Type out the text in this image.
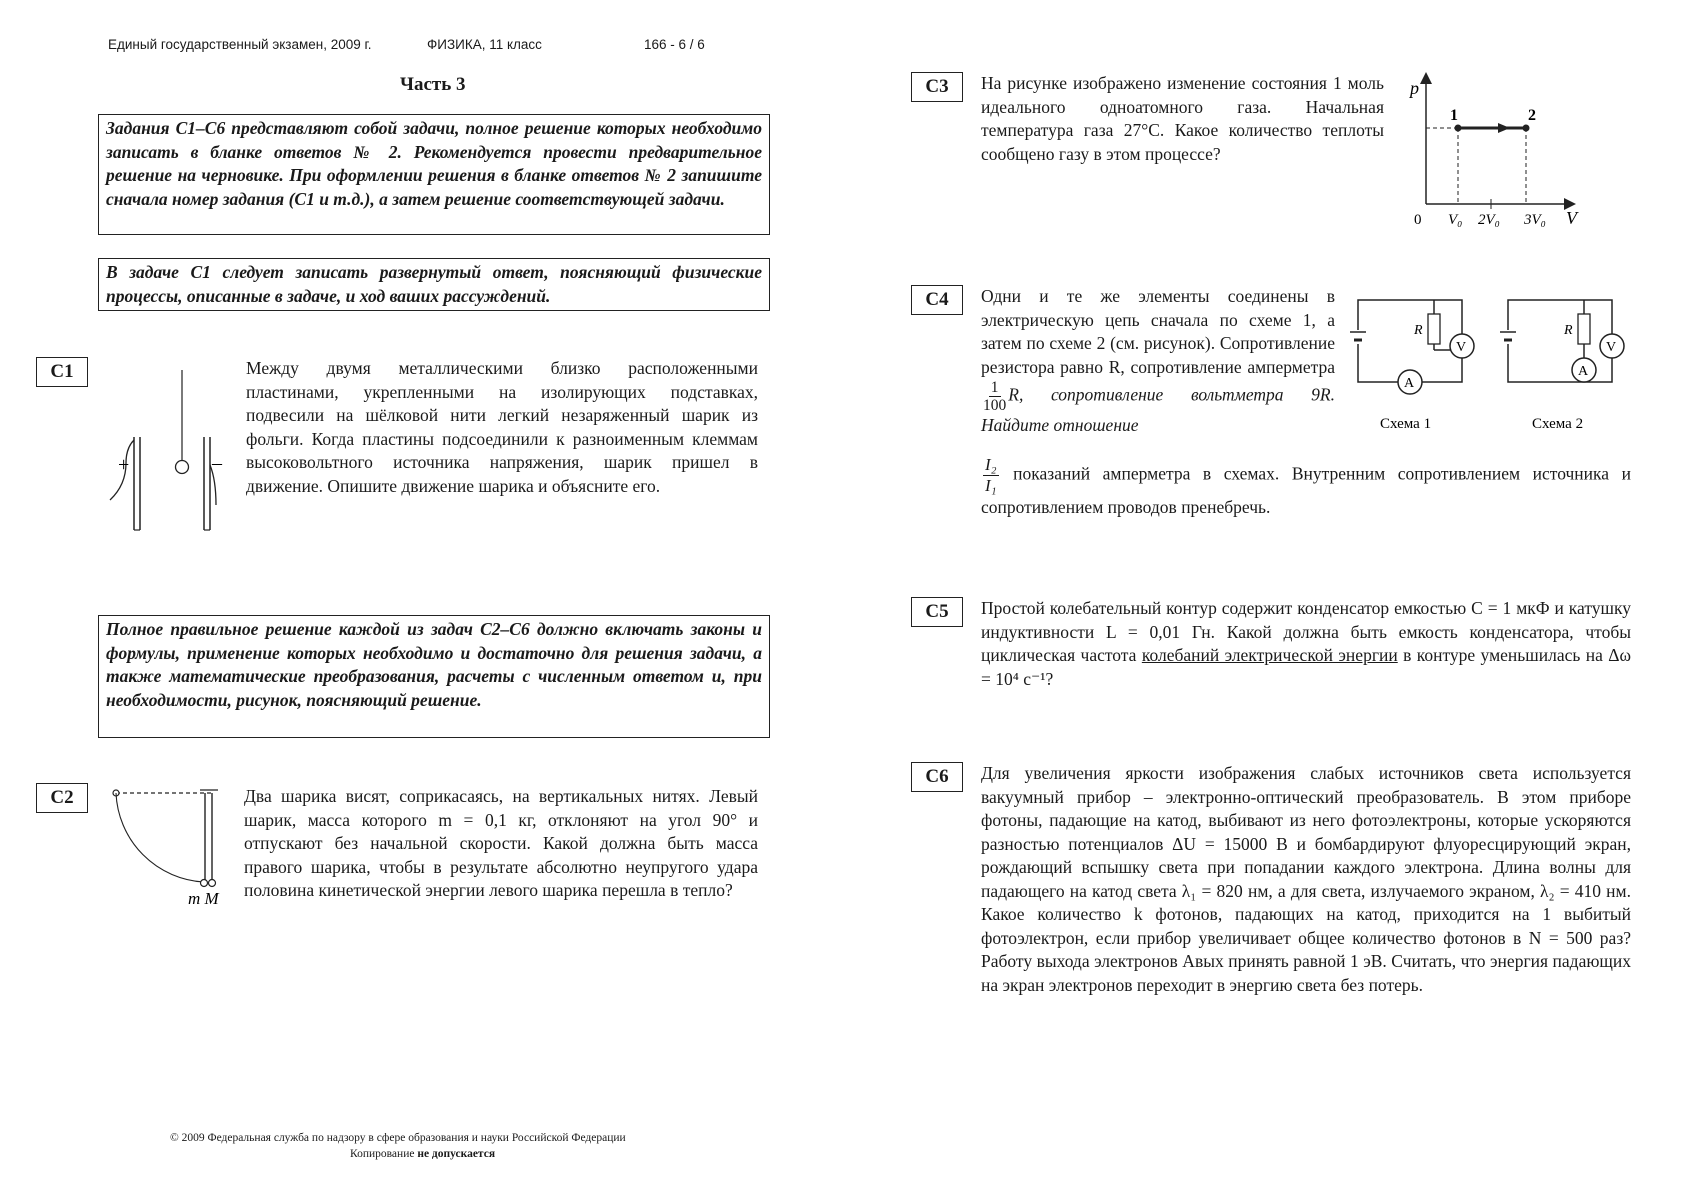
Единый государственный экзамен, 2009 г.	ФИЗИКА, 11 класс	166 - 6 / 6
Часть 3
Задания С1–С6 представляют собой задачи, полное решение которых необходимо записать в бланке ответов № 2. Рекомендуется провести предварительное решение на черновике. При оформлении решения в бланке ответов № 2 запишите сначала номер задания (С1 и т.д.), а затем решение соответствующей задачи.
В задаче С1 следует записать развернутый ответ, поясняющий физические процессы, описанные в задаче, и ход ваших рассуждений.
Полное правильное решение каждой из задач С2–С6 должно включать законы и формулы, применение которых необходимо и достаточно для решения задачи, а также математические преобразования, расчеты с численным ответом и, при необходимости, рисунок, поясняющий решение.
С1
+	–

Между двумя металлическими близко расположенными пластинами, укрепленными на изолирующих подставках, подвесили на шёлковой нити легкий незаряженный шарик из фольги. Когда пластины подсоединили к разноименным клеммам высоковольтного источника напряжения, шарик пришел в движение. Опишите движение шарика и объясните его.

С2
m M

Два шарика висят, соприкасаясь, на вертикальных нитях. Левый шарик, масса которого m = 0,1 кг, отклоняют на угол 90° и отпускают без начальной скорости. Какой должна быть масса правого шарика, чтобы в результате абсолютно неупругого удара половина кинетической энергии левого шарика перешла в тепло?

С3	На рисунке изображено изменение состояния 1 моль идеального одноатомного газа. Начальная температура газа 27°С. Какое количество теплоты сообщено газу в этом процессе?

1	2
p
V
0 V₀ 2V₀ 3V₀
С4	Одни и те же элементы соединены в электрическую цепь сначала по схеме 1, а затем по схеме 2 (см. рисунок). Сопротивление резистора равно R, сопротивление амперметра
$\frac{1}{100} R$, сопротивление вольтметра 9R. Найдите отношение

$\frac{\text{I₂}}{\text{I₁}}$ показаний амперметра в схемах. Внутренним сопротивлением источника и сопротивлением проводов пренебречь.

R
V
A
Схема 1
R
A
V
Схема 2
С5	Простой колебательный контур содержит конденсатор емкостью C = 1 мкФ и катушку индуктивности L = 0,01 Гн. Какой должна быть емкость конденсатора, чтобы циклическая частота колебаний электрической энергии в контуре уменьшилась на Δω = 10⁴ с⁻¹?

С6	Для увеличения яркости изображения слабых источников света используется вакуумный прибор – электронно-оптический преобразователь. В этом приборе фотоны, падающие на катод, выбивают из него фотоэлектроны, которые ускоряются разностью потенциалов ΔU = 15000 В и бомбардируют флуоресцирующий экран, рождающий вспышку света при попадании каждого электрона. Длина волны для падающего на катод света λ₁ = 820 нм, а для света, излучаемого экраном, λ₂ = 410 нм. Какое количество k фотонов, падающих на катод, приходится на 1 выбитый фотоэлектрон, если прибор увеличивает общее количество фотонов в N = 500 раз? Работу выхода электронов Aвых принять равной 1 эВ. Считать, что энергия падающих на экран электронов переходит в энергию света без потерь.

© 2009 Федеральная служба по надзору в сфере образования и науки Российской Федерации
Копирование не допускается
